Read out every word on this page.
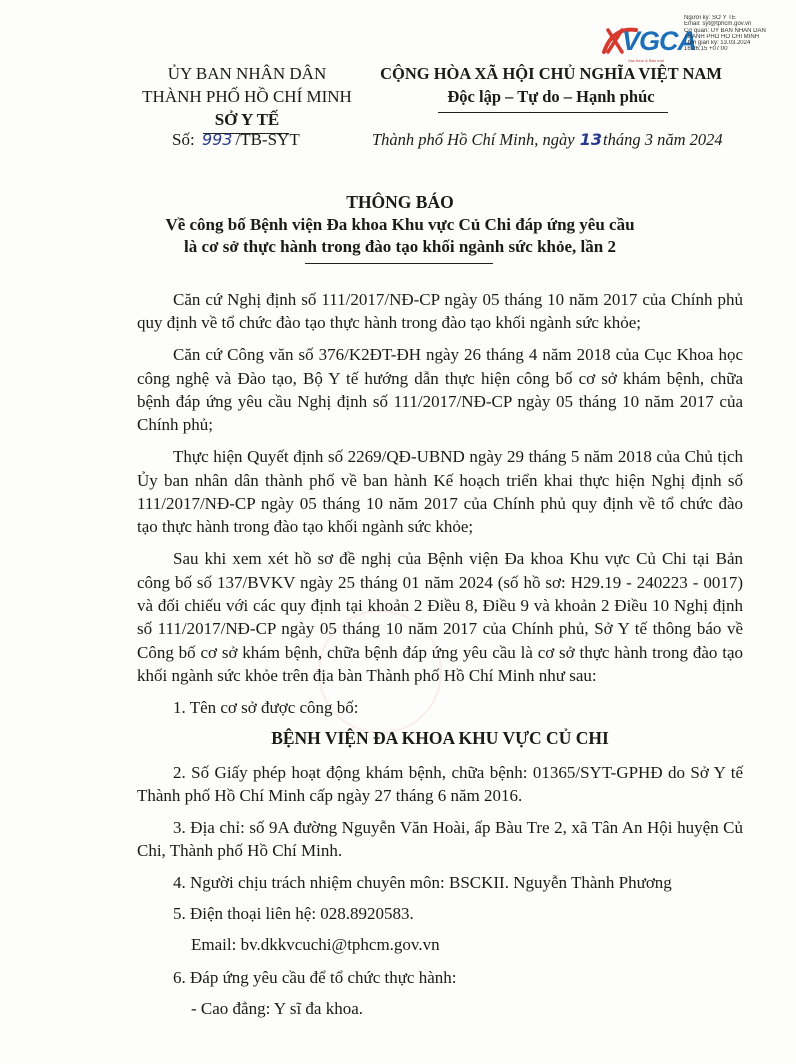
VGCA
Xác thực & Bảo mật
Người ký: SỞ Y TẾ
Email: syt@tphcm.gov.vn
Cơ quan: ỦY BAN NHÂN DÂN
THÀNH PHỐ HỒ CHÍ MINH
Thời gian ký: 13.03.2024
16:26:15 +07:00
ỦY BAN NHÂN DÂN
THÀNH PHỐ HỒ CHÍ MINH
SỞ Y TẾ
CỘNG HÒA XÃ HỘI CHỦ NGHĨA VIỆT NAM
Độc lập – Tự do – Hạnh phúc
Số: 993 /TB-SYT	Thành phố Hồ Chí Minh, ngày 13tháng 3 năm 2024
THÔNG BÁO
Về công bố Bệnh viện Đa khoa Khu vực Củ Chi đáp ứng yêu cầu
là cơ sở thực hành trong đào tạo khối ngành sức khỏe, lần 2

Căn cứ Nghị định số 111/2017/NĐ-CP ngày 05 tháng 10 năm 2017 của Chính phủ quy định về tổ chức đào tạo thực hành trong đào tạo khối ngành sức khỏe;

Căn cứ Công văn số 376/K2ĐT-ĐH ngày 26 tháng 4 năm 2018 của Cục Khoa học công nghệ và Đào tạo, Bộ Y tế hướng dẫn thực hiện công bố cơ sở khám bệnh, chữa bệnh đáp ứng yêu cầu Nghị định số 111/2017/NĐ-CP ngày 05 tháng 10 năm 2017 của Chính phủ;

Thực hiện Quyết định số 2269/QĐ-UBND ngày 29 tháng 5 năm 2018 của Chủ tịch Ủy ban nhân dân thành phố về ban hành Kế hoạch triển khai thực hiện Nghị định số 111/2017/NĐ-CP ngày 05 tháng 10 năm 2017 của Chính phủ quy định về tổ chức đào tạo thực hành trong đào tạo khối ngành sức khỏe;

Sau khi xem xét hồ sơ đề nghị của Bệnh viện Đa khoa Khu vực Củ Chi tại Bản công bố số 137/BVKV ngày 25 tháng 01 năm 2024 (số hồ sơ: H29.19 - 240223 - 0017) và đối chiếu với các quy định tại khoản 2 Điều 8, Điều 9 và khoản 2 Điều 10 Nghị định số 111/2017/NĐ-CP ngày 05 tháng 10 năm 2017 của Chính phủ, Sở Y tế thông báo về Công bố cơ sở khám bệnh, chữa bệnh đáp ứng yêu cầu là cơ sở thực hành trong đào tạo khối ngành sức khỏe trên địa bàn Thành phố Hồ Chí Minh như sau:

1. Tên cơ sở được công bố:

BỆNH VIỆN ĐA KHOA KHU VỰC CỦ CHI

2. Số Giấy phép hoạt động khám bệnh, chữa bệnh: 01365/SYT-GPHĐ do Sở Y tế Thành phố Hồ Chí Minh cấp ngày 27 tháng 6 năm 2016.

3. Địa chỉ: số 9A đường Nguyễn Văn Hoài, ấp Bàu Tre 2, xã Tân An Hội huyện Củ Chi, Thành phố Hồ Chí Minh.

4. Người chịu trách nhiệm chuyên môn: BSCKII. Nguyễn Thành Phương

5. Điện thoại liên hệ: 028.8920583.

Email: bv.dkkvcuchi@tphcm.gov.vn

6. Đáp ứng yêu cầu để tổ chức thực hành:

- Cao đẳng: Y sĩ đa khoa.
